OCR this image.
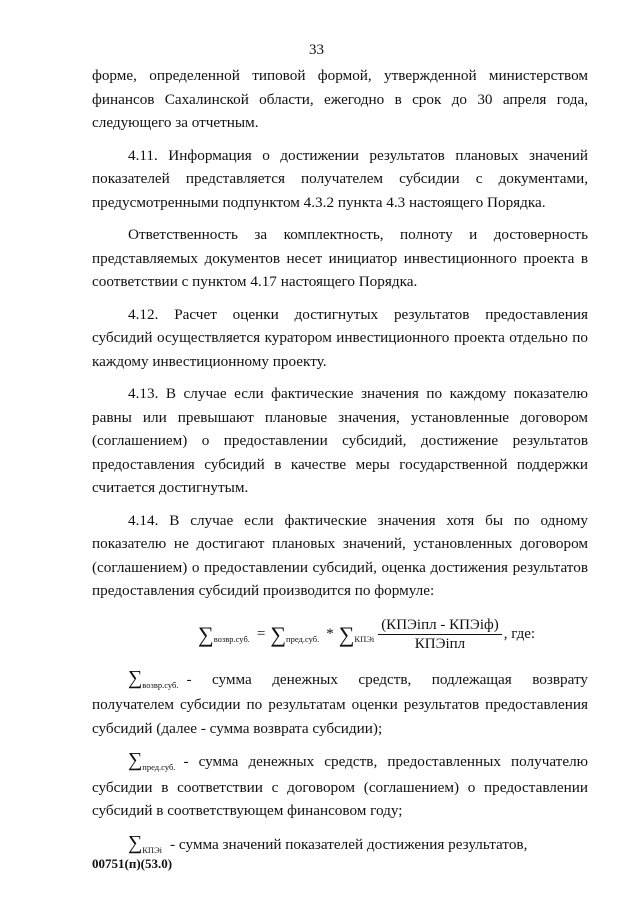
33

форме, определенной типовой формой, утвержденной министерством финансов Сахалинской области, ежегодно в срок до 30 апреля года, следующего за отчетным.

4.11. Информация о достижении результатов плановых значений показателей представляется получателем субсидии с документами, предусмотренными подпунктом 4.3.2 пункта 4.3 настоящего Порядка.

Ответственность за комплектность, полноту и достоверность представляемых документов несет инициатор инвестиционного проекта в соответствии с пунктом 4.17 настоящего Порядка.

4.12. Расчет оценки достигнутых результатов предоставления субсидий осуществляется куратором инвестиционного проекта отдельно по каждому инвестиционному проекту.

4.13. В случае если фактические значения по каждому показателю равны или превышают плановые значения, установленные договором (соглашением) о предоставлении субсидий, достижение результатов предоставления субсидий в качестве меры государственной поддержки считается достигнутым.

4.14. В случае если фактические значения хотя бы по одному показателю не достигают плановых значений, установленных договором (соглашением) о предоставлении субсидий, оценка достижения результатов предоставления субсидий производится по формуле:

∑ возвр.суб. = ∑ пред.суб. * ∑ КПЭi $\frac{\text{(КПЭiпл - КПЭiф)}}{\text{КПЭiпл}}$ , где:

$\sum_{возвр.суб.}$ - сумма денежных средств, подлежащая возврату получателем субсидии по результатам оценки результатов предоставления субсидий (далее - сумма возврата субсидии);

$\sum_{пред.суб.}$ - сумма денежных средств, предоставленных получателю субсидии в соответствии с договором (соглашением) о предоставлении субсидий в соответствующем финансовом году;

$\sum_{КПЭi}$ - сумма значений показателей достижения результатов,

00751(п)(53.0)
